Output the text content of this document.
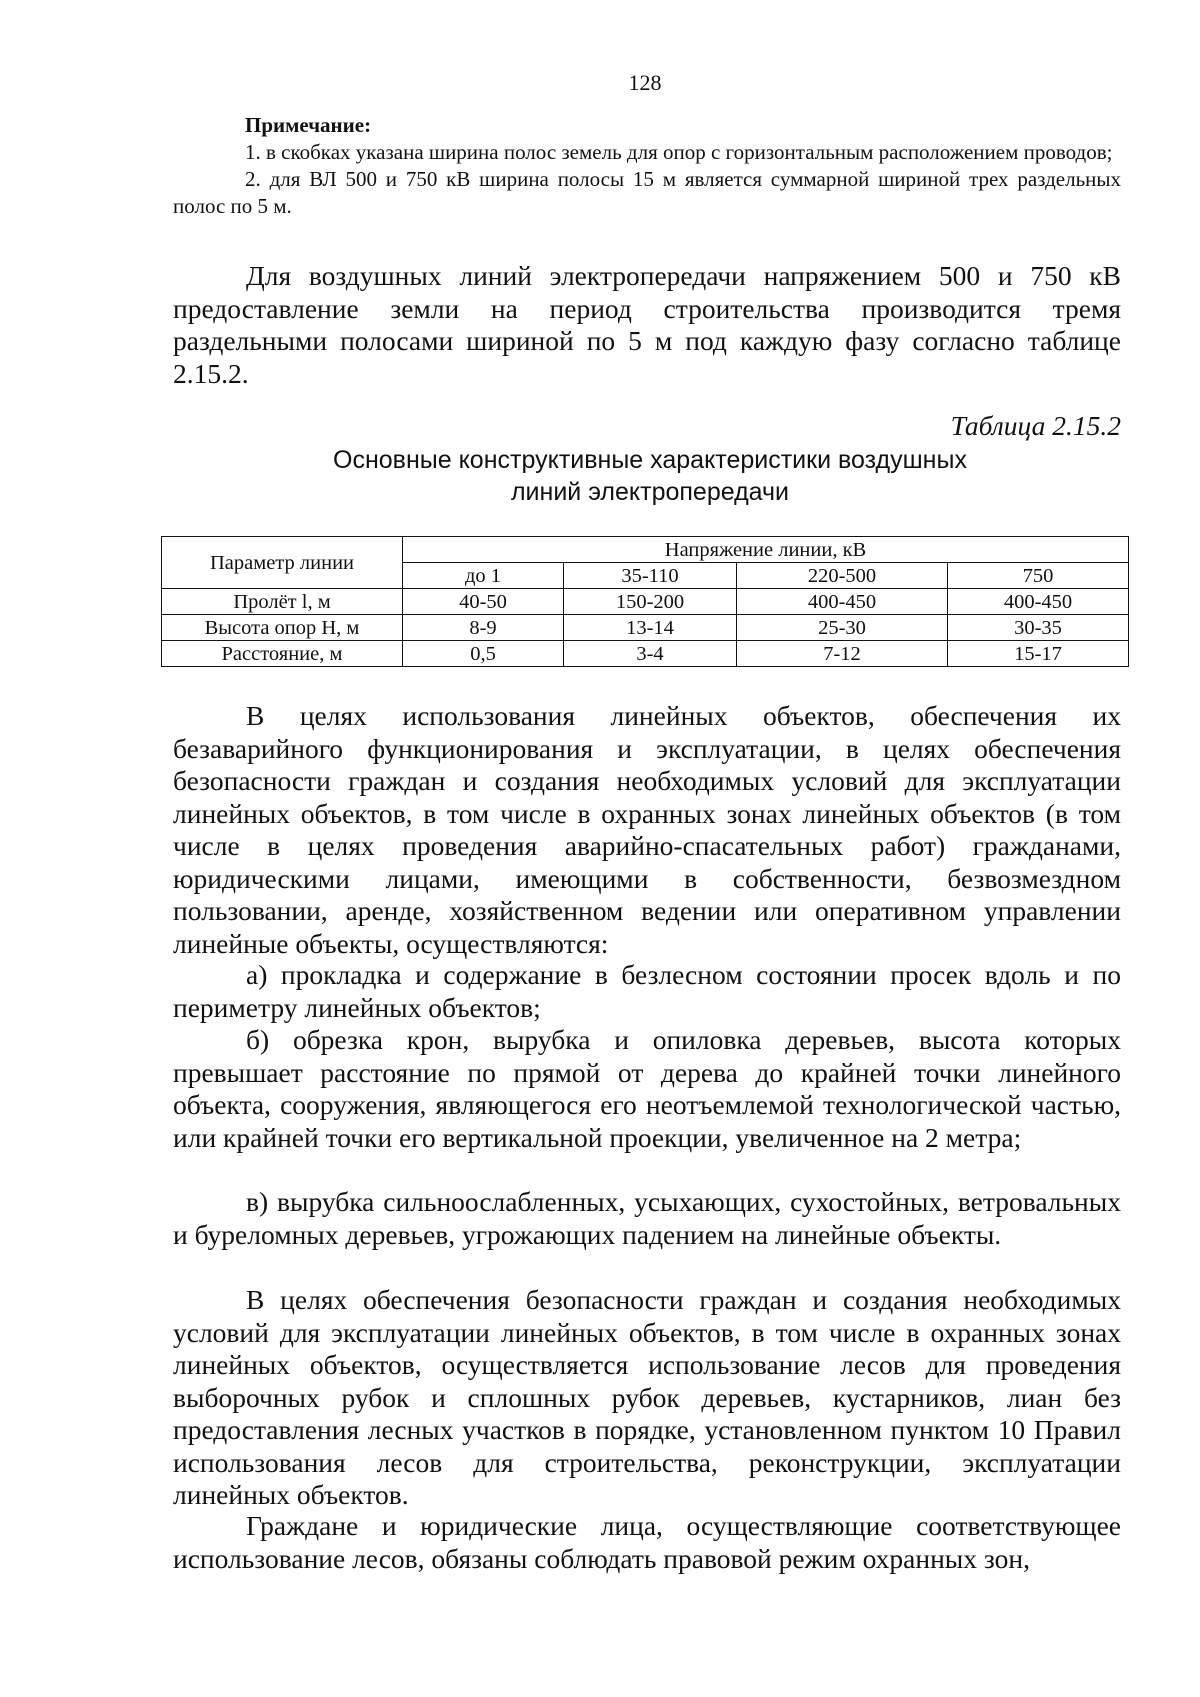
128
Примечание:
1. в скобках указана ширина полос земель для опор с горизонтальным расположением проводов;
2. для ВЛ 500 и 750 кВ ширина полосы 15 м является суммарной шириной трех раздельных полос по 5 м.
Для воздушных линий электропередачи напряжением 500 и 750 кВ предоставление земли на период строительства производится тремя раздельными полосами шириной по 5 м под каждую фазу согласно таблице 2.15.2.
Таблица 2.15.2
Основные конструктивные характеристики воздушных
линий электропередачи
Параметр линии	Напряжение линии, кВ			
	до 1	35-110	220-500	750
Пролёт l, м	40-50	150-200	400-450	400-450
Высота опор H, м	8-9	13-14	25-30	30-35
Расстояние, м	0,5	3-4	7-12	15-17
В целях использования линейных объектов, обеспечения их безаварийного функционирования и эксплуатации, в целях обеспечения безопасности граждан и создания необходимых условий для эксплуатации линейных объектов, в том числе в охранных зонах линейных объектов (в том числе в целях проведения аварийно-спасательных работ) гражданами, юридическими лицами, имеющими в собственности, безвозмездном пользовании, аренде, хозяйственном ведении или оперативном управлении линейные объекты, осуществляются:
а) прокладка и содержание в безлесном состоянии просек вдоль и по периметру линейных объектов;
б) обрезка крон, вырубка и опиловка деревьев, высота которых превышает расстояние по прямой от дерева до крайней точки линейного объекта, сооружения, являющегося его неотъемлемой технологической частью, или крайней точки его вертикальной проекции, увеличенное на 2 метра;
в) вырубка сильноослабленных, усыхающих, сухостойных, ветровальных и буреломных деревьев, угрожающих падением на линейные объекты.
В целях обеспечения безопасности граждан и создания необходимых условий для эксплуатации линейных объектов, в том числе в охранных зонах линейных объектов, осуществляется использование лесов для проведения выборочных рубок и сплошных рубок деревьев, кустарников, лиан без предоставления лесных участков в порядке, установленном пунктом 10 Правил использования лесов для строительства, реконструкции, эксплуатации линейных объектов.
Граждане и юридические лица, осуществляющие соответствующее использование лесов, обязаны соблюдать правовой режим охранных зон,
